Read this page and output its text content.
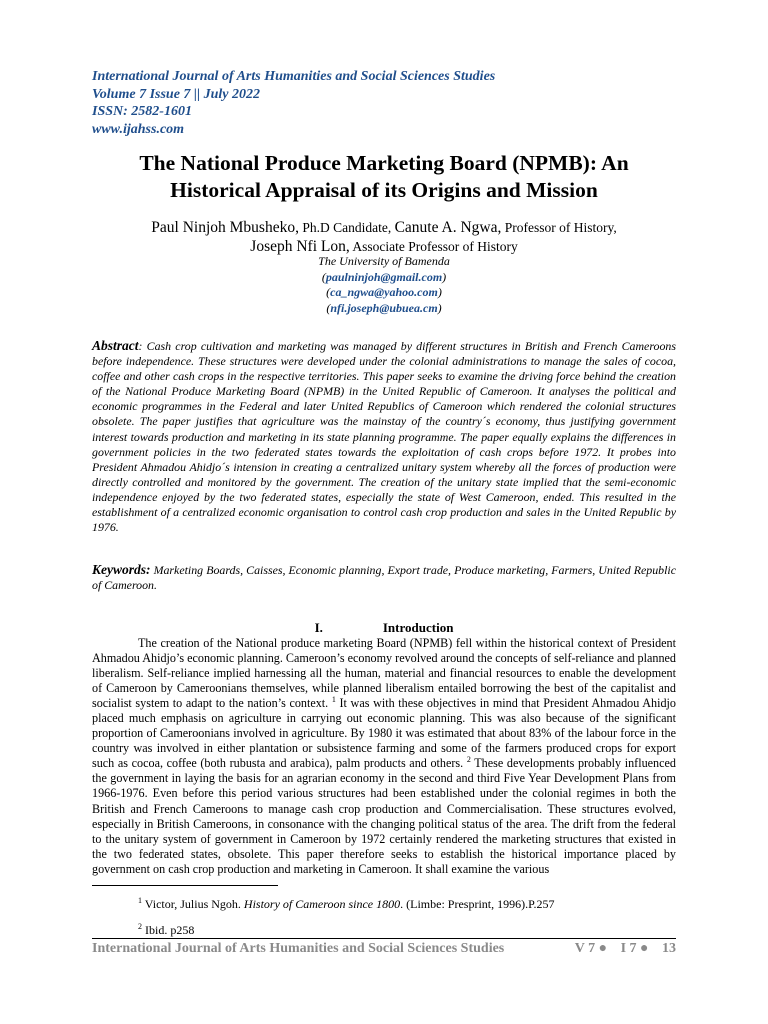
International Journal of Arts Humanities and Social Sciences Studies
Volume 7 Issue 7 || July 2022
ISSN: 2582-1601
www.ijahss.com
The National Produce Marketing Board (NPMB): An Historical Appraisal of its Origins and Mission
Paul Ninjoh Mbusheko, Ph.D Candidate, Canute A. Ngwa, Professor of History,
Joseph Nfi Lon, Associate Professor of History
The University of Bamenda
(paulninjoh@gmail.com)
(ca_ngwa@yahoo.com)
(nfi.joseph@ubuea.cm)
Abstract: Cash crop cultivation and marketing was managed by different structures in British and French Cameroons before independence. These structures were developed under the colonial administrations to manage the sales of cocoa, coffee and other cash crops in the respective territories. This paper seeks to examine the driving force behind the creation of the National Produce Marketing Board (NPMB) in the United Republic of Cameroon. It analyses the political and economic programmes in the Federal and later United Republics of Cameroon which rendered the colonial structures obsolete. The paper justifies that agriculture was the mainstay of the country´s economy, thus justifying government interest towards production and marketing in its state planning programme. The paper equally explains the differences in government policies in the two federated states towards the exploitation of cash crops before 1972. It probes into President Ahmadou Ahidjo´s intension in creating a centralized unitary system whereby all the forces of production were directly controlled and monitored by the government. The creation of the unitary state implied that the semi-economic independence enjoyed by the two federated states, especially the state of West Cameroon, ended. This resulted in the establishment of a centralized economic organisation to control cash crop production and sales in the United Republic by 1976.
Keywords: Marketing Boards, Caisses, Economic planning, Export trade, Produce marketing, Farmers, United Republic of Cameroon.
I.	Introduction
The creation of the National produce marketing Board (NPMB) fell within the historical context of President Ahmadou Ahidjo’s economic planning. Cameroon’s economy revolved around the concepts of self-reliance and planned liberalism. Self-reliance implied harnessing all the human, material and financial resources to enable the development of Cameroon by Cameroonians themselves, while planned liberalism entailed borrowing the best of the capitalist and socialist system to adapt to the nation’s context. $^1$ It was with these objectives in mind that President Ahmadou Ahidjo placed much emphasis on agriculture in carrying out economic planning. This was also because of the significant proportion of Cameroonians involved in agriculture. By 1980 it was estimated that about 83% of the labour force in the country was involved in either plantation or subsistence farming and some of the farmers produced crops for export such as cocoa, coffee (both rubusta and arabica), palm products and others. $^2$ These developments probably influenced the government in laying the basis for an agrarian economy in the second and third Five Year Development Plans from 1966-1976. Even before this period various structures had been established under the colonial regimes in both the British and French Cameroons to manage cash crop production and Commercialisation. These structures evolved, especially in British Cameroons, in consonance with the changing political status of the area. The drift from the federal to the unitary system of government in Cameroon by 1972 certainly rendered the marketing structures that existed in the two federated states, obsolete. This paper therefore seeks to establish the historical importance placed by government on cash crop production and marketing in Cameroon. It shall examine the various
$^1$ Victor, Julius Ngoh. History of Cameroon since 1800. (Limbe: Presprint, 1996).P.257
$^2$ Ibid. p258
International Journal of Arts Humanities and Social Sciences Studies	V 7 ● I 7 ● 13
